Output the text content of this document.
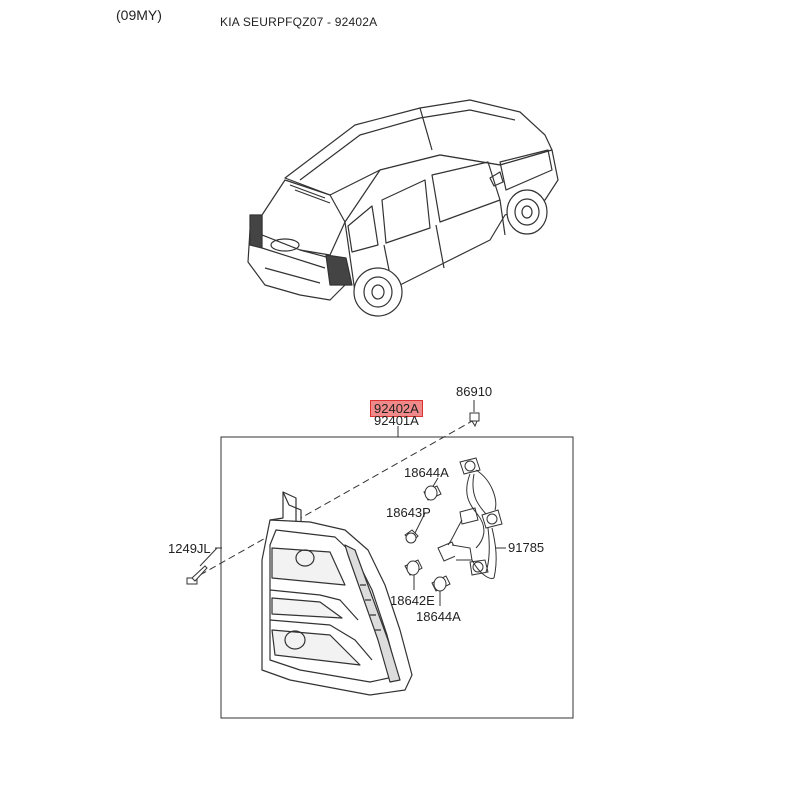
(09MY)	KIA SEURPFQZ07 - 92402A
92402A
92401A
86910
18644A
18643P
1249JL	91785
18642E
18644A
